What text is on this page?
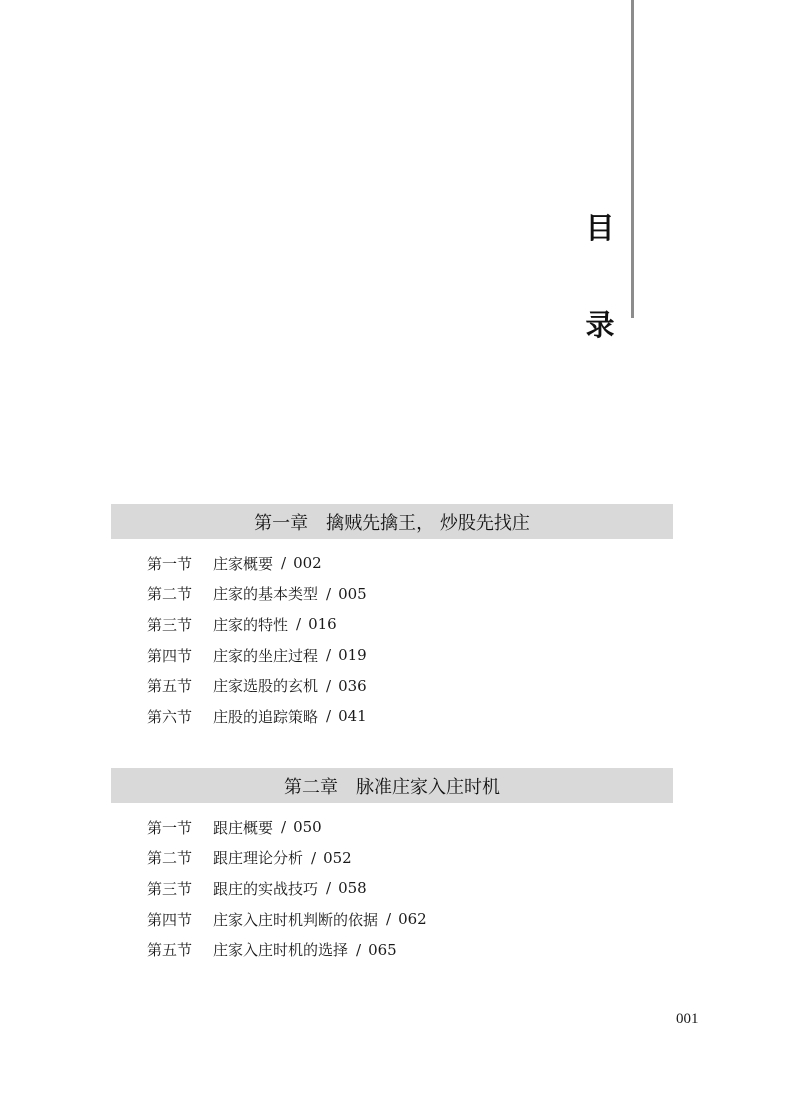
目
录
第一章 擒贼先擒王， 炒股先找庄
第一节	庄家概要 / 002
第二节	庄家的基本类型 / 005
第三节	庄家的特性 / 016
第四节	庄家的坐庄过程 / 019
第五节	庄家选股的玄机 / 036
第六节	庄股的追踪策略 / 041
第二章 脉准庄家入庄时机
第一节	跟庄概要 / 050
第二节	跟庄理论分析 / 052
第三节	跟庄的实战技巧 / 058
第四节	庄家入庄时机判断的依据 / 062
第五节	庄家入庄时机的选择 / 065
001
